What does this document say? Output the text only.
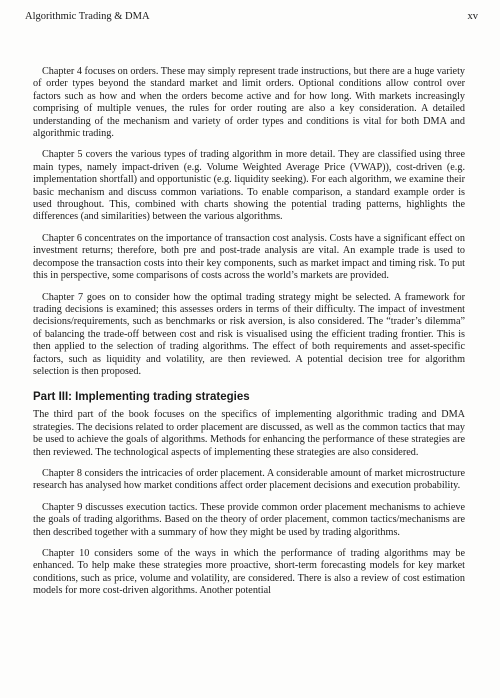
Algorithmic Trading & DMA	xv

Chapter 4 focuses on orders. These may simply represent trade instructions, but there are a huge variety of order types beyond the standard market and limit orders. Optional conditions allow control over factors such as how and when the orders become active and for how long. With markets increasingly comprising of multiple venues, the rules for order routing are also a key consideration. A detailed understanding of the mechanism and variety of order types and conditions is vital for both DMA and algorithmic trading.

Chapter 5 covers the various types of trading algorithm in more detail. They are classified using three main types, namely impact-driven (e.g. Volume Weighted Average Price (VWAP)), cost-driven (e.g. implementation shortfall) and opportunistic (e.g. liquidity seeking). For each algorithm, we examine their basic mechanism and discuss common variations. To enable comparison, a standard example order is used throughout. This, combined with charts showing the potential trading patterns, highlights the differences (and similarities) between the various algorithms.

Chapter 6 concentrates on the importance of transaction cost analysis. Costs have a significant effect on investment returns; therefore, both pre and post-trade analysis are vital. An example trade is used to decompose the transaction costs into their key components, such as market impact and timing risk. To put this in perspective, some comparisons of costs across the world’s markets are provided.

Chapter 7 goes on to consider how the optimal trading strategy might be selected. A framework for trading decisions is examined; this assesses orders in terms of their difficulty. The impact of investment decisions/requirements, such as benchmarks or risk aversion, is also considered. The “trader’s dilemma” of balancing the trade-off between cost and risk is visualised using the efficient trading frontier. This is then applied to the selection of trading algorithms. The effect of both requirements and asset-specific factors, such as liquidity and volatility, are then reviewed. A potential decision tree for algorithm selection is then proposed.

Part III: Implementing trading strategies

The third part of the book focuses on the specifics of implementing algorithmic trading and DMA strategies. The decisions related to order placement are discussed, as well as the common tactics that may be used to achieve the goals of algorithms. Methods for enhancing the performance of these strategies are then reviewed. The technological aspects of implementing these strategies are also considered.

Chapter 8 considers the intricacies of order placement. A considerable amount of market microstructure research has analysed how market conditions affect order placement decisions and execution probability.

Chapter 9 discusses execution tactics. These provide common order placement mechanisms to achieve the goals of trading algorithms. Based on the theory of order placement, common tactics/mechanisms are then described together with a summary of how they might be used by trading algorithms.

Chapter 10 considers some of the ways in which the performance of trading algorithms may be enhanced. To help make these strategies more proactive, short-term forecasting models for key market conditions, such as price, volume and volatility, are considered. There is also a review of cost estimation models for more cost-driven algorithms. Another potential
